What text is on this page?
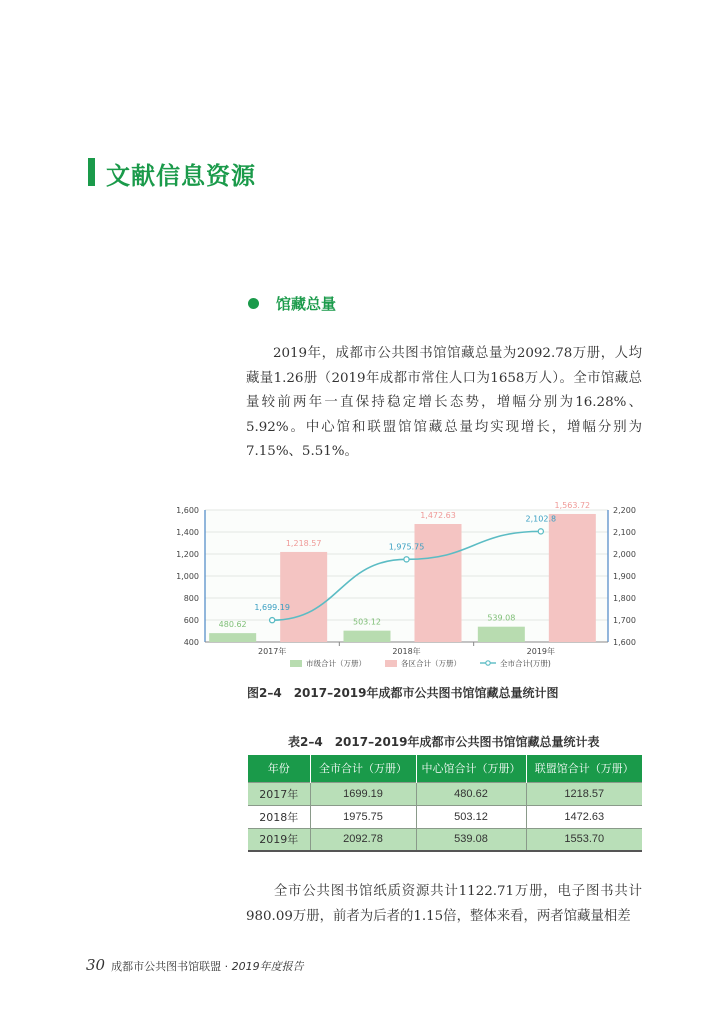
文献信息资源
馆藏总量
2019年，成都市公共图书馆馆藏总量为2092.78万册，人均藏量1.26册（2019年成都市常住人口为1658万人）。全市馆藏总量较前两年一直保持稳定增长态势，增幅分别为16.28%、5.92%。中心馆和联盟馆馆藏总量均实现增长，增幅分别为7.15%、5.51%。
400
600
800
1,000
1,200
1,400
1,600
1,600
1,700
1,800
1,900
2,000
2,100
2,200
2017年
480.62
1,218.57
2018年
503.12
1,472.63
2019年
539.08
1,563.72
1,699.19
1,975.75
2,102.8
市级合计（万册）	各区合计（万册）	全市合计(万册)
图2–4　2017–2019年成都市公共图书馆馆藏总量统计图
表2–4　2017–2019年成都市公共图书馆馆藏总量统计表
年份	全市合计（万册）	中心馆合计（万册）	联盟馆合计（万册）
2017年	1699.19	480.62	1218.57
2018年	1975.75	503.12	1472.63
2019年	2092.78	539.08	1553.70
全市公共图书馆纸质资源共计1122.71万册，电子图书共计980.09万册，前者为后者的1.15倍，整体来看，两者馆藏量相差
30 成都市公共图书馆联盟 · 2019年度报告
